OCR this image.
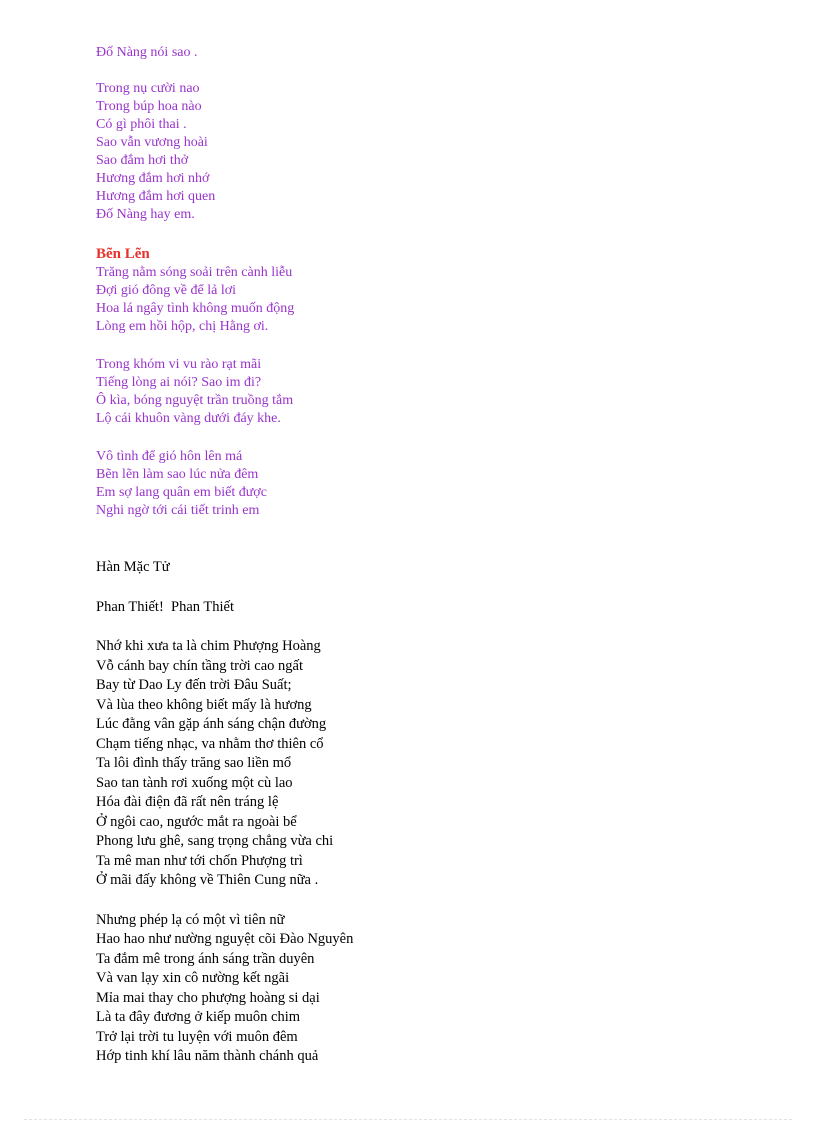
Đố Nàng nói sao .
Trong nụ cười nao
Trong búp hoa nào
Có gì phôi thai .
Sao vẫn vương hoài
Sao đắm hơi thở
Hương đắm hơi nhớ
Hương đắm hơi quen
Đố Nàng hay em.
Bẽn Lẽn
Trăng nằm sóng soải trên cành liễu
Đợi gió đông về để lả lơi
Hoa lá ngây tình không muốn động
Lòng em hồi hộp, chị Hằng ơi.
Trong khóm vi vu rào rạt mãi
Tiếng lòng ai nói? Sao im đi?
Ô kìa, bóng nguyệt trần truồng tắm
Lộ cái khuôn vàng dưới đáy khe.
Vô tình để gió hôn lên má
Bẽn lẽn làm sao lúc nửa đêm
Em sợ lang quân em biết được
Nghi ngờ tới cái tiết trinh em
Hàn Mặc Tử
Phan Thiết!  Phan Thiết
Nhớ khi xưa ta là chim Phượng Hoàng
Vỗ cánh bay chín tầng trời cao ngất
Bay từ Dao Ly đến trời Đâu Suất;
Và lùa theo không biết mấy là hương
Lúc đằng vân gặp ánh sáng chận đường
Chạm tiếng nhạc, va nhằm thơ thiên cổ
Ta lôi đình thấy trăng sao liền mổ
Sao tan tành rơi xuống một cù lao
Hóa đài điện đã rất nên tráng lệ
Ở ngôi cao, ngước mắt ra ngoài bể
Phong lưu ghê, sang trọng chẳng vừa chi
Ta mê man như tới chốn Phượng trì
Ở mãi đấy không về Thiên Cung nữa .
Nhưng phép lạ có một vì tiên nữ
Hao hao như nường nguyệt cõi Đào Nguyên
Ta đắm mê trong ánh sáng trần duyên
Và van lạy xin cô nường kết ngãi
Mỉa mai thay cho phượng hoàng si dại
Là ta đây đương ở kiếp muôn chim
Trở lại trời tu luyện với muôn đêm
Hớp tinh khí lâu năm thành chánh quả
